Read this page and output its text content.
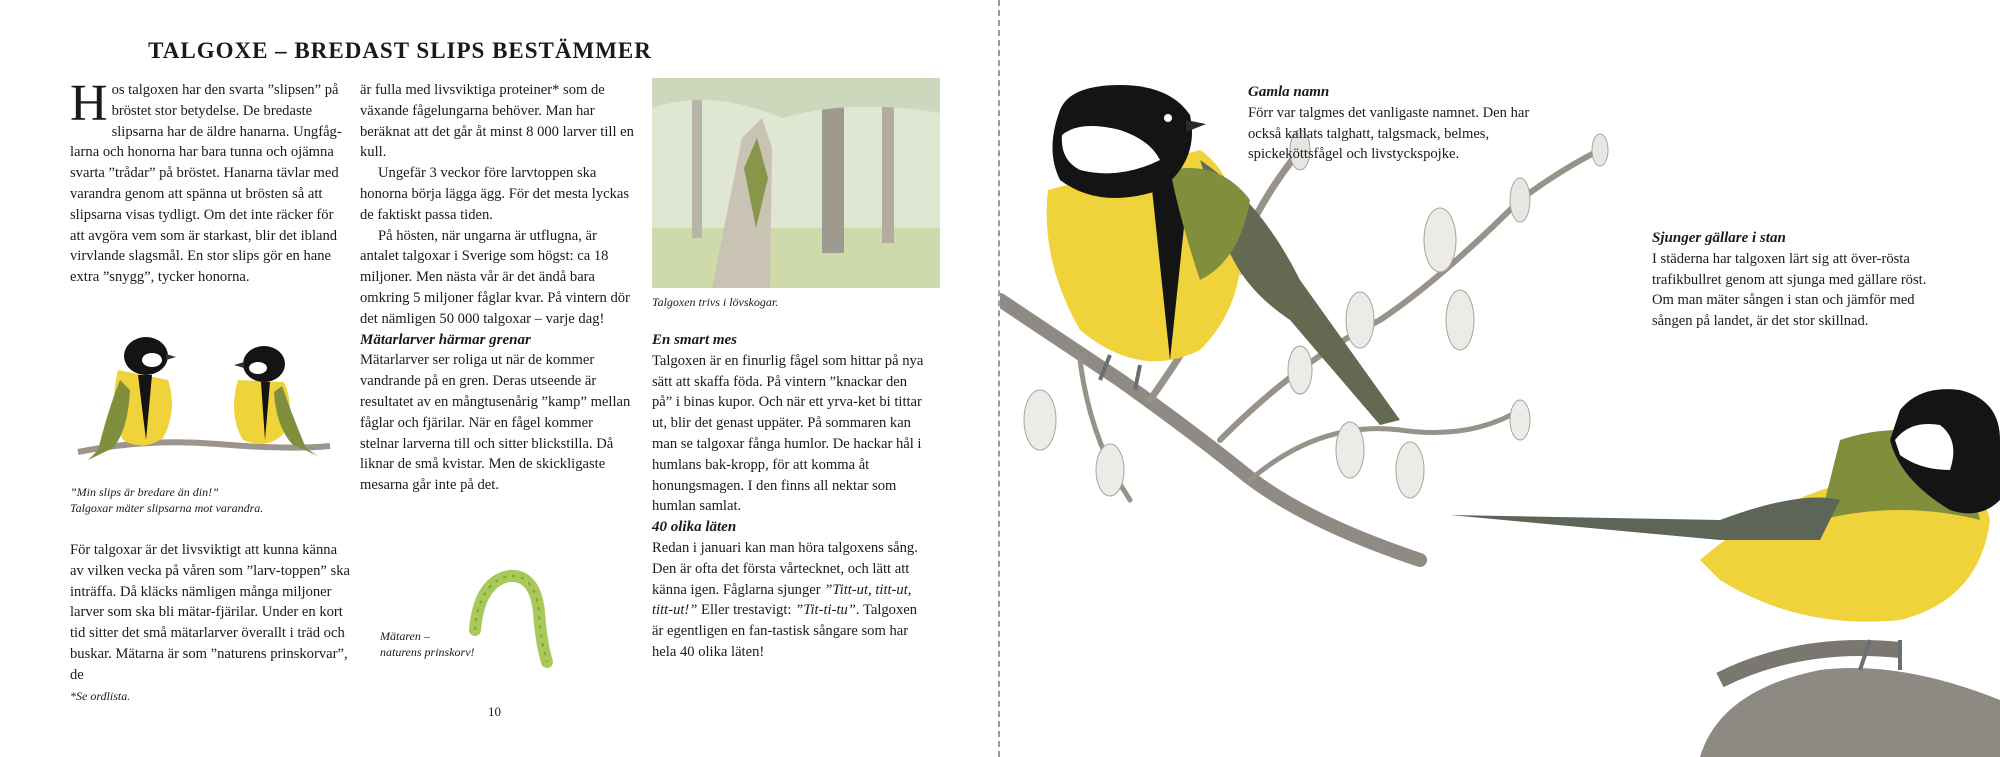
TALGOXE – BREDAST SLIPS BESTÄMMER

Hos talgoxen har den svarta ”slipsen” på bröstet stor betydelse. De bredaste slipsarna har de äldre hanarna. Ungfåg-larna och honorna har bara tunna och ojämna svarta ”trådar” på bröstet. Hanarna tävlar med varandra genom att spänna ut brösten så att slipsarna visas tydligt. Om det inte räcker för att avgöra vem som är starkast, blir det ibland virvlande slagsmål. En stor slips gör en hane extra ”snygg”, tycker honorna.

”Min slips är bredare än din!”
Talgoxar mäter slipsarna mot varandra.

För talgoxar är det livsviktigt att kunna känna av vilken vecka på våren som ”larv-toppen” ska inträffa. Då kläcks nämligen många miljoner larver som ska bli mätar-fjärilar. Under en kort tid sitter det små mätarlarver överallt i träd och buskar. Mätarna är som ”naturens prinskorvar”, de

*Se ordlista.

är fulla med livsviktiga proteiner* som de växande fågelungarna behöver. Man har beräknat att det går åt minst 8 000 larver till en kull.

Ungefär 3 veckor före larvtoppen ska honorna börja lägga ägg. För det mesta lyckas de faktiskt passa tiden.

På hösten, när ungarna är utflugna, är antalet talgoxar i Sverige som högst: ca 18 miljoner. Men nästa vår är det ändå bara omkring 5 miljoner fåglar kvar. På vintern dör det nämligen 50 000 talgoxar – varje dag!

Mätarlarver härmar grenar

Mätarlarver ser roliga ut när de kommer vandrande på en gren. Deras utseende är resultatet av en mångtusenårig ”kamp” mellan fåglar och fjärilar. När en fågel kommer stelnar larverna till och sitter blickstilla. Då liknar de små kvistar. Men de skickligaste mesarna går inte på det.

Mätaren –
naturens prinskorv!
Talgoxen trivs i lövskogar.

En smart mes

Talgoxen är en finurlig fågel som hittar på nya sätt att skaffa föda. På vintern ”knackar den på” i binas kupor. Och när ett yrva-ket bi tittar ut, blir det genast uppäter. På sommaren kan man se talgoxar fånga humlor. De hackar hål i humlans bak-kropp, för att komma åt honungsmagen. I den finns all nektar som humlan samlat.

40 olika läten

Redan i januari kan man höra talgoxens sång. Den är ofta det första vårtecknet, och lätt att känna igen. Fåglarna sjunger ”Titt-ut, titt-ut, titt-ut!” Eller trestavigt: ”Tit-ti-tu”. Talgoxen är egentligen en fan-tastisk sångare som har hela 40 olika läten!

10

Gamla namn

Förr var talgmes det vanligaste namnet. Den har också kallats talghatt, talgsmack, belmes, spickeköttsfågel och livstyckspojke.

Sjunger gällare i stan

I städerna har talgoxen lärt sig att över-rösta trafikbullret genom att sjunga med gällare röst. Om man mäter sången i stan och jämför med sången på landet, är det stor skillnad.
